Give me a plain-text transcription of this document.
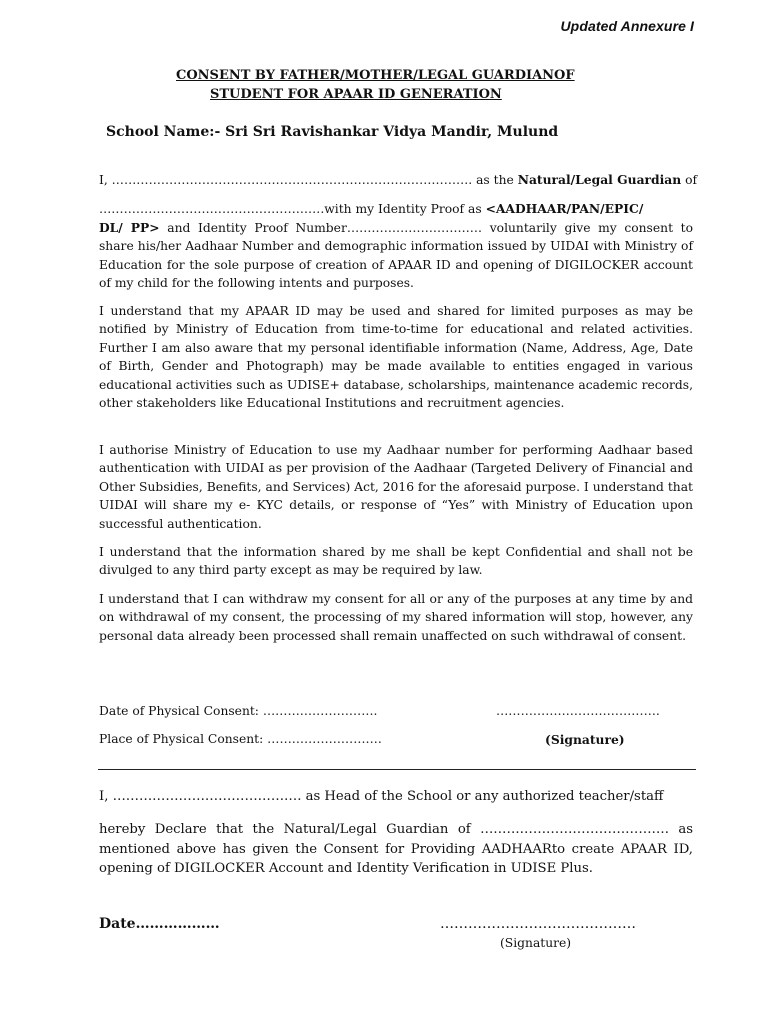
Updated Annexure I
CONSENT BY FATHER/MOTHER/LEGAL GUARDIANOF
STUDENT FOR APAAR ID GENERATION
School Name:- Sri Sri Ravishankar Vidya Mandir, Mulund
I, ……………………………………………………………………………. as the Natural/Legal Guardian of
……………………………………………….with my Identity Proof as <AADHAAR/PAN/EPIC/
DL/ PP> and Identity Proof Number…………………………… voluntarily give my consent to share his/her Aadhaar Number and demographic information issued by UIDAI with Ministry of Education for the sole purpose of creation of APAAR ID and opening of DIGILOCKER account of my child for the following intents and purposes.
I understand that my APAAR ID may be used and shared for limited purposes as may be notified by Ministry of Education from time-to-time for educational and related activities. Further I am also aware that my personal identifiable information (Name, Address, Age, Date of Birth, Gender and Photograph) may be made available to entities engaged in various educational activities such as UDISE+ database, scholarships, maintenance academic records, other stakeholders like Educational Institutions and recruitment agencies.
I authorise Ministry of Education to use my Aadhaar number for performing Aadhaar based authentication with UIDAI as per provision of the Aadhaar (Targeted Delivery of Financial and Other Subsidies, Benefits, and Services) Act, 2016 for the aforesaid purpose. I understand that UIDAI will share my e- KYC details, or response of “Yes” with Ministry of Education upon successful authentication.
I understand that the information shared by me shall be kept Confidential and shall not be divulged to any third party except as may be required by law.
I understand that I can withdraw my consent for all or any of the purposes at any time by and on withdrawal of my consent, the processing of my shared information will stop, however, any personal data already been processed shall remain unaffected on such withdrawal of consent.
Date of Physical Consent: ……………………….	………………………………….
Place of Physical Consent: ……………………….	(Signature)
I, ……………………………………. as Head of the School or any authorized teacher/staff
hereby Declare that the Natural/Legal Guardian of ……………………………………. as mentioned above has given the Consent for Providing AADHAARto create APAAR ID, opening of DIGILOCKER Account and Identity Verification in UDISE Plus.
Date………………	……………………………………
(Signature)
